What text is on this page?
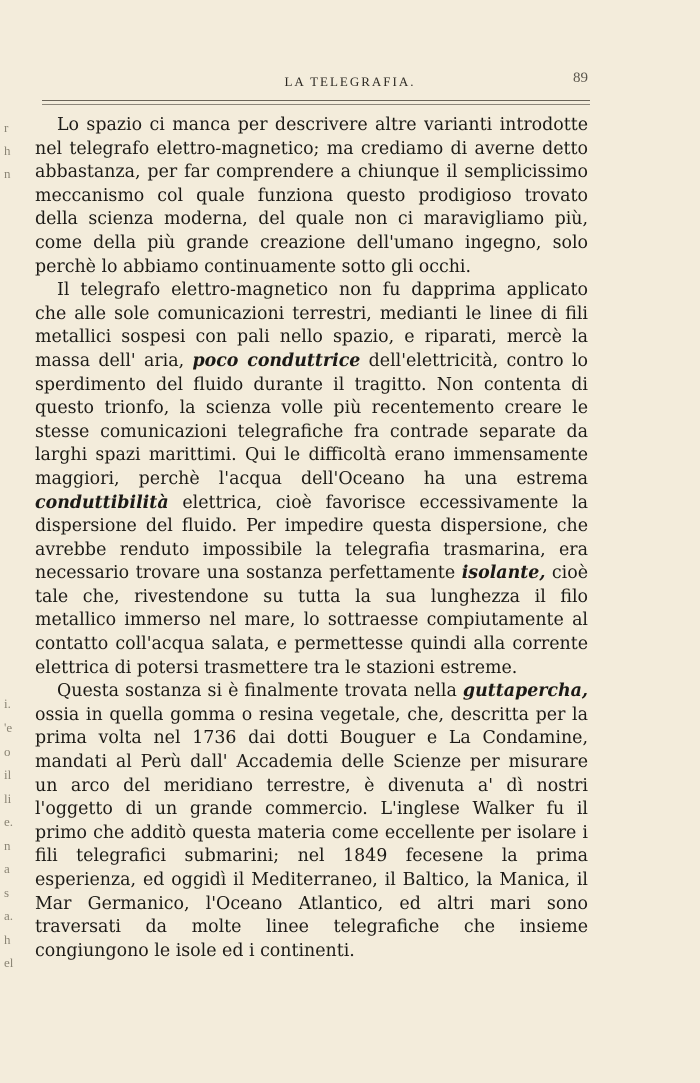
LA TELEGRAFIA.	89
r
h
n
i.
'e
o
il
li
e.
n
a
s
a.
h
el

Lo spazio ci manca per descrivere altre varianti introdotte nel telegrafo elettro-magnetico; ma crediamo di averne detto abbastanza, per far comprendere a chiunque il semplicissimo meccanismo col quale funziona questo prodigioso trovato della scienza moderna, del quale non ci maravigliamo più, come della più grande creazione dell'umano ingegno, solo perchè lo abbiamo continuamente sotto gli occhi.

Il telegrafo elettro-magnetico non fu dapprima applicato che alle sole comunicazioni terrestri, medianti le linee di fili metallici sospesi con pali nello spazio, e riparati, mercè la massa dell' aria, poco conduttrice dell'elettricità, contro lo sperdimento del fluido durante il tragitto. Non contenta di questo trionfo, la scienza volle più recentemento creare le stesse comunicazioni telegrafiche fra contrade separate da larghi spazi marittimi. Qui le difficoltà erano immensamente maggiori, perchè l'acqua dell'Oceano ha una estrema conduttibilità elettrica, cioè favorisce eccessivamente la dispersione del fluido. Per impedire questa dispersione, che avrebbe renduto impossibile la telegrafia trasmarina, era necessario trovare una sostanza perfettamente isolante, cioè tale che, rivestendone su tutta la sua lunghezza il filo metallico immerso nel mare, lo sottraesse compiutamente al contatto coll'acqua salata, e permettesse quindi alla corrente elettrica di potersi trasmettere tra le stazioni estreme.

Questa sostanza si è finalmente trovata nella guttapercha, ossia in quella gomma o resina vegetale, che, descritta per la prima volta nel 1736 dai dotti Bouguer e La Condamine, mandati al Perù dall' Accademia delle Scienze per misurare un arco del meridiano terrestre, è divenuta a' dì nostri l'oggetto di un grande commercio. L'inglese Walker fu il primo che additò questa materia come eccellente per isolare i fili telegrafici submarini; nel 1849 fecesene la prima esperienza, ed oggidì il Mediterraneo, il Baltico, la Manica, il Mar Germanico, l'Oceano Atlantico, ed altri mari sono traversati da molte linee telegrafiche che insieme congiungono le isole ed i continenti.
